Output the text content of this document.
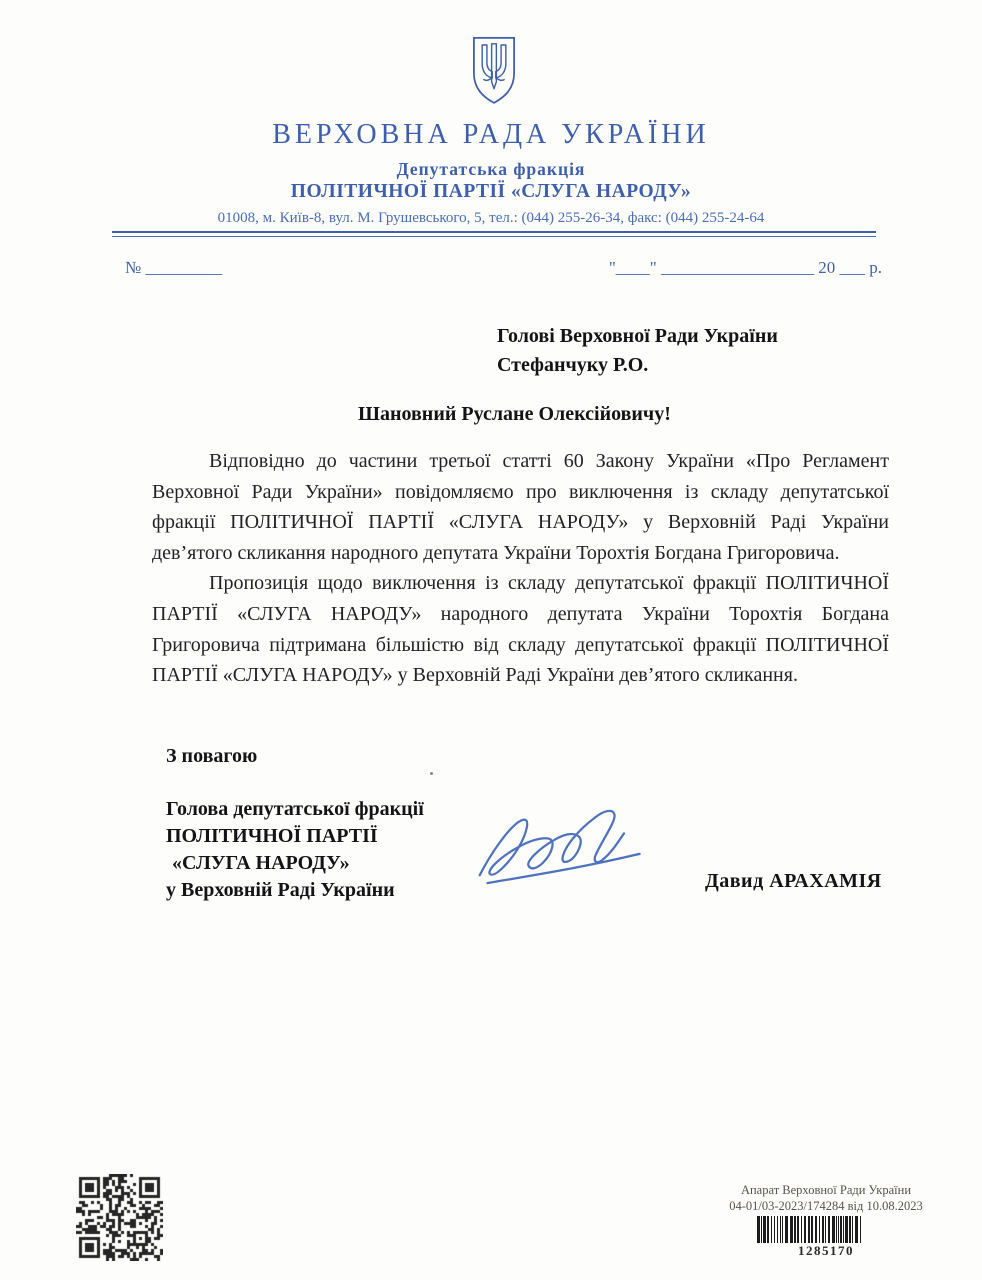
ВЕРХОВНА РАДА УКРАЇНИ
Депутатська фракція
ПОЛІТИЧНОЇ ПАРТІЇ «СЛУГА НАРОДУ»
01008, м. Київ-8, вул. М. Грушевського, 5, тел.: (044) 255-26-34, факс: (044) 255-24-64
№ _________	"____" __________________ 20 ___ р.
Голові Верховної Ради України
Стефанчуку Р.О.
Шановний Руслане Олексійовичу!

Відповідно до частини третьої статті 60 Закону України «Про Регламент Верховної Ради України» повідомляємо про виключення із складу депутатської фракції ПОЛІТИЧНОЇ ПАРТІЇ «СЛУГА НАРОДУ» у Верховній Раді України дев’ятого скликання народного депутата України Торохтія Богдана Григоровича.

Пропозиція щодо виключення із складу депутатської фракції ПОЛІТИЧНОЇ ПАРТІЇ «СЛУГА НАРОДУ» народного депутата України Торохтія Богдана Григоровича підтримана більшістю від складу депутатської фракції ПОЛІТИЧНОЇ ПАРТІЇ «СЛУГА НАРОДУ» у Верховній Раді України дев’ятого скликання.

З повагою
Голова депутатської фракції
ПОЛІТИЧНОЇ ПАРТІЇ
«СЛУГА НАРОДУ»
у Верховній Раді України	Давид АРАХАМІЯ
Апарат Верховної Ради України
04-01/03-2023/174284 від 10.08.2023
1285170
